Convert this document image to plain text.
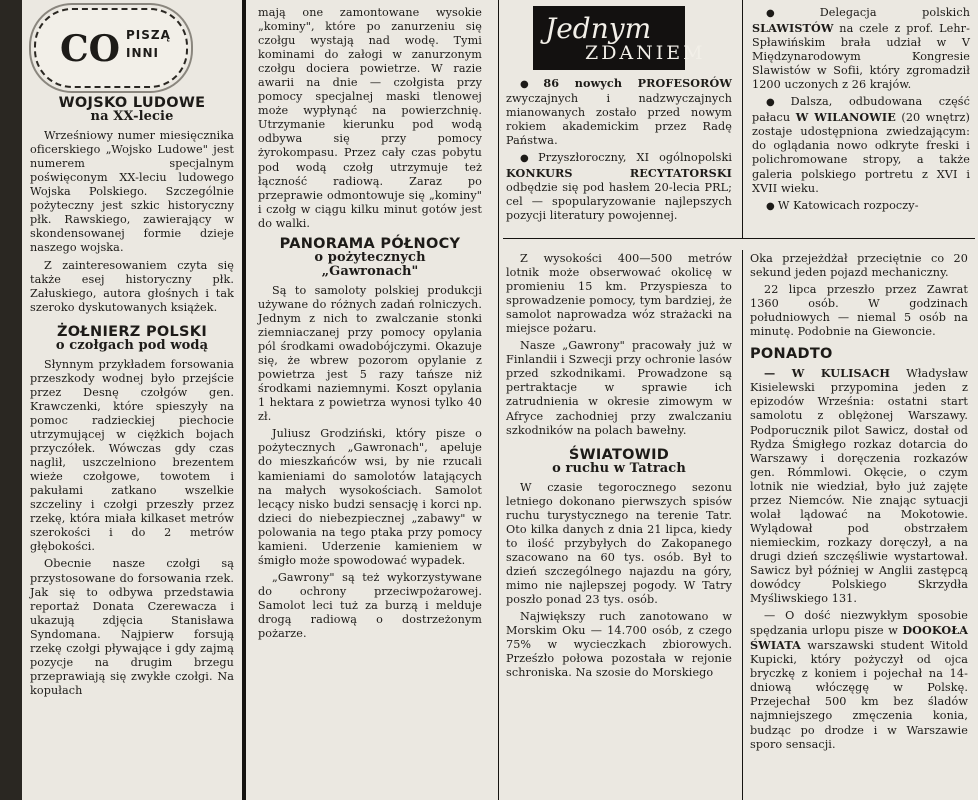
CO PISZĄ
INNI
WOJSKO LUDOWE
na XX-lecie

Wrześniowy numer miesięcznika oficerskiego „Wojsko Ludowe" jest numerem specjalnym poświęconym XX-leciu ludowego Wojska Polskiego. Szczególnie pożyteczny jest szkic historyczny płk. Rawskiego, zawierający w skondensowanej formie dzieje naszego wojska.

Z zainteresowaniem czyta się także esej historyczny płk. Załuskiego, autora głośnych i tak szeroko dyskutowanych książek.

ŻOŁNIERZ POLSKI
o czołgach pod wodą

Słynnym przykładem forsowania przeszkody wodnej było przejście przez Desnę czołgów gen. Krawczenki, które spieszyły na pomoc radzieckiej piechocie utrzymującej w ciężkich bojach przyczółek. Wówczas gdy czas naglił, uszczelniono brezentem wieże czołgowe, towotem i pakułami zatkano wszelkie szczeliny i czołgi przeszły przez rzekę, która miała kilkaset metrów szerokości i do 2 metrów głębokości.

Obecnie nasze czołgi są przystosowane do forsowania rzek. Jak się to odbywa przedstawia reportaż Donata Czerewacza i ukazują zdjęcia Stanisława Syndomana. Najpierw forsują rzekę czołgi pływające i gdy zajmą pozycje na drugim brzegu przeprawiają się zwykłe czołgi. Na kopułach

mają one zamontowane wysokie „kominy", które po zanurzeniu się czołgu wystają nad wodę. Tymi kominami do załogi w zanurzonym czołgu dociera powietrze. W razie awarii na dnie — czołgista przy pomocy specjalnej maski tlenowej może wypłynąć na powierzchnię. Utrzymanie kierunku pod wodą odbywa się przy pomocy żyrokompasu. Przez cały czas pobytu pod wodą czołg utrzymuje też łączność radiową. Zaraz po przeprawie odmontowuje się „kominy" i czołg w ciągu kilku minut gotów jest do walki.

PANORAMA PÓŁNOCY
o pożytecznych „Gawronach"

Są to samoloty polskiej produkcji używane do różnych zadań rolniczych. Jednym z nich to zwalczanie stonki ziemniaczanej przy pomocy opylania pól środkami owadobójczymi. Okazuje się, że wbrew pozorom opylanie z powietrza jest 5 razy tańsze niż środkami naziemnymi. Koszt opylania 1 hektara z powietrza wynosi tylko 40 zł.

Juliusz Grodziński, który pisze o pożytecznych „Gawronach", apeluje do mieszkańców wsi, by nie rzucali kamieniami do samolotów latających na małych wysokościach. Samolot lecący nisko budzi sensację i korci np. dzieci do niebezpiecznej „zabawy" w polowania na tego ptaka przy pomocy kamieni. Uderzenie kamieniem w śmigło może spowodować wypadek.

„Gawrony" są też wykorzystywane do ochrony przeciwpożarowej. Samolot leci tuż za burzą i melduje drogą radiową o dostrzeżonym pożarze.

Jednym
ZDANIEM

● 86 nowych PROFESORÓW zwyczajnych i nadzwyczajnych mianowanych zostało przed nowym rokiem akademickim przez Radę Państwa.

● Przyszłoroczny, XI ogólnopolski KONKURS RECYTATORSKI odbędzie się pod hasłem 20-lecia PRL; cel — spopularyzowanie najlepszych pozycji literatury powojennej.

● Delegacja polskich SLAWISTÓW na czele z prof. Lehr-Spławińskim brała udział w V Międzynarodowym Kongresie Slawistów w Sofii, który zgromadził 1200 uczonych z 26 krajów.

● Dalsza, odbudowana część pałacu W WILANOWIE (20 wnętrz) zostaje udostępniona zwiedzającym: do oglądania nowo odkryte freski i polichromowane stropy, a także galeria polskiego portretu z XVI i XVII wieku.

● W Katowicach rozpoczy-

Z wysokości 400—500 metrów lotnik może obserwować okolicę w promieniu 15 km. Przyspiesza to sprowadzenie pomocy, tym bardziej, że samolot naprowadza wóz strażacki na miejsce pożaru.

Nasze „Gawrony" pracowały już w Finlandii i Szwecji przy ochronie lasów przed szkodnikami. Prowadzone są pertraktacje w sprawie ich zatrudnienia w okresie zimowym w Afryce zachodniej przy zwalczaniu szkodników na polach bawełny.

ŚWIATOWID
o ruchu w Tatrach

W czasie tegorocznego sezonu letniego dokonano pierwszych spisów ruchu turystycznego na terenie Tatr. Oto kilka danych z dnia 21 lipca, kiedy to ilość przybyłych do Zakopanego szacowano na 60 tys. osób. Był to dzień szczególnego najazdu na góry, mimo nie najlepszej pogody. W Tatry poszło ponad 23 tys. osób.

Największy ruch zanotowano w Morskim Oku — 14.700 osób, z czego 75% w wycieczkach zbiorowych. Prześzło połowa pozostała w rejonie schroniska. Na szosie do Morskiego

Oka przejeżdżał przeciętnie co 20 sekund jeden pojazd mechaniczny.

22 lipca przeszło przez Zawrat 1360 osób. W godzinach południowych — niemal 5 osób na minutę. Podobnie na Giewoncie.

PONADTO

— W KULISACH Władysław Kisielewski przypomina jeden z epizodów Września: ostatni start samolotu z oblężonej Warszawy. Podporucznik pilot Sawicz, dostał od Rydza Śmigłego rozkaz dotarcia do Warszawy i doręczenia rozkazów gen. Rómmlowi. Okęcie, o czym lotnik nie wiedział, było już zajęte przez Niemców. Nie znając sytuacji wolał lądować na Mokotowie. Wylądował pod obstrzałem niemieckim, rozkazy doręczył, a na drugi dzień szczęśliwie wystartował. Sawicz był później w Anglii zastępcą dowódcy Polskiego Skrzydła Myśliwskiego 131.

— O dość niezwykłym sposobie spędzania urlopu pisze w DOOKOŁA ŚWIATA warszawski student Witold Kupicki, który pożyczył od ojca bryczkę z koniem i pojechał na 14-dniową włóczęgę w Polskę. Przejechał 500 km bez śladów najmniejszego zmęczenia konia, budząc po drodze i w Warszawie sporo sensacji.
